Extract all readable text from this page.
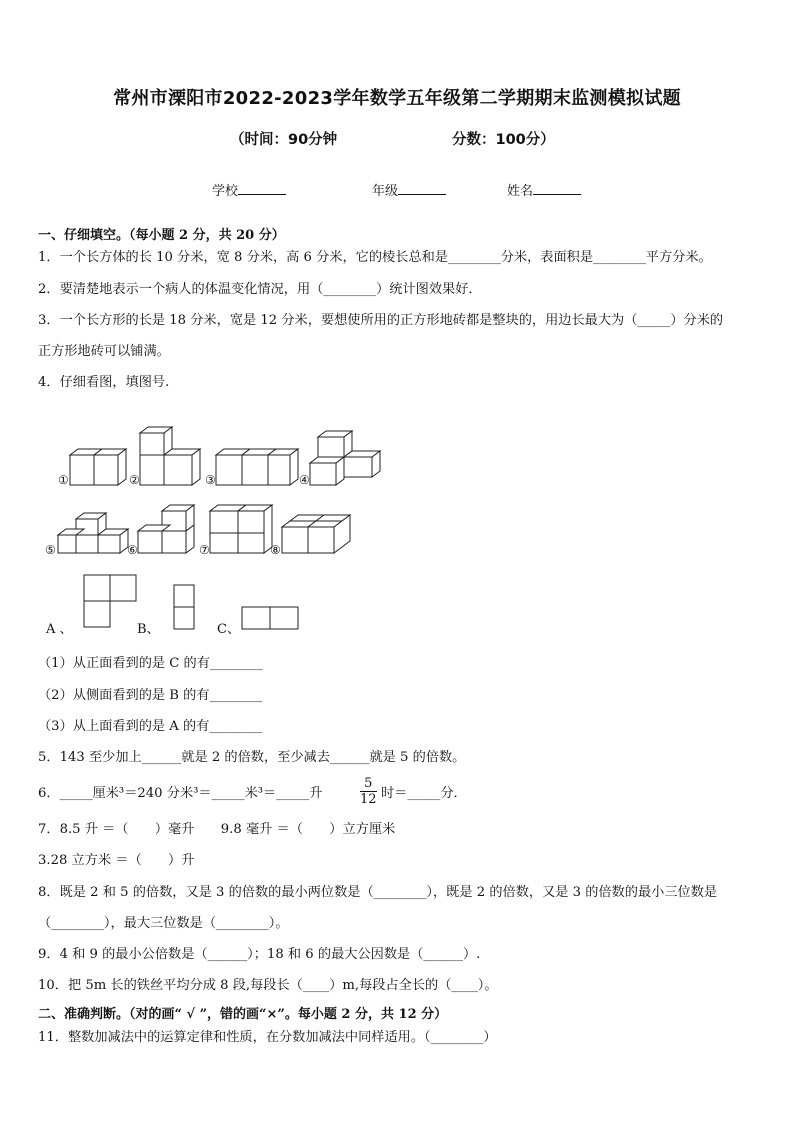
常州市溧阳市2022-2023学年数学五年级第二学期期末监测模拟试题
（时间：90分钟	分数：100分）
学校	年级	姓名
一、仔细填空。（每小题 2 分，共 20 分）
1．一个长方体的长 10 分米，宽 8 分米，高 6 分米，它的棱长总和是________分米，表面积是________平方分米。
2．要清楚地表示一个病人的体温变化情况，用（________）统计图效果好．
3．一个长方形的长是 18 分米，宽是 12 分米，要想使所用的正方形地砖都是整块的，用边长最大为（_____）分米的
正方形地砖可以铺满。
4．仔细看图，填图号.
①	②	③	④
⑤	⑥	⑦	⑧
A 、	B、	C、
（1）从正面看到的是 C 的有________
（2）从侧面看到的是 B 的有________
（3）从上面看到的是 A 的有________
5．143 至少加上______就是 2 的倍数，至少减去______就是 5 的倍数。
6．_____厘米³＝240 分米³＝_____米³＝_____升	$\frac{5}{12}$ 时＝_____分．
7．8.5 升 ＝（　　）毫升　　9.8 毫升 ＝（　　）立方厘米
3.28 立方米 ＝（　　）升
8．既是 2 和 5 的倍数，又是 3 的倍数的最小两位数是（________），既是 2 的倍数，又是 3 的倍数的最小三位数是
（________），最大三位数是（________）。
9．4 和 9 的最小公倍数是（______）；18 和 6 的最大公因数是（______）.
10．把 5m 长的铁丝平均分成 8 段,每段长（____）m,每段占全长的（____）。
二、准确判断。（对的画“ √ ”，错的画“×”。每小题 2 分，共 12 分）
11．整数加减法中的运算定律和性质，在分数加减法中同样适用。（________）
